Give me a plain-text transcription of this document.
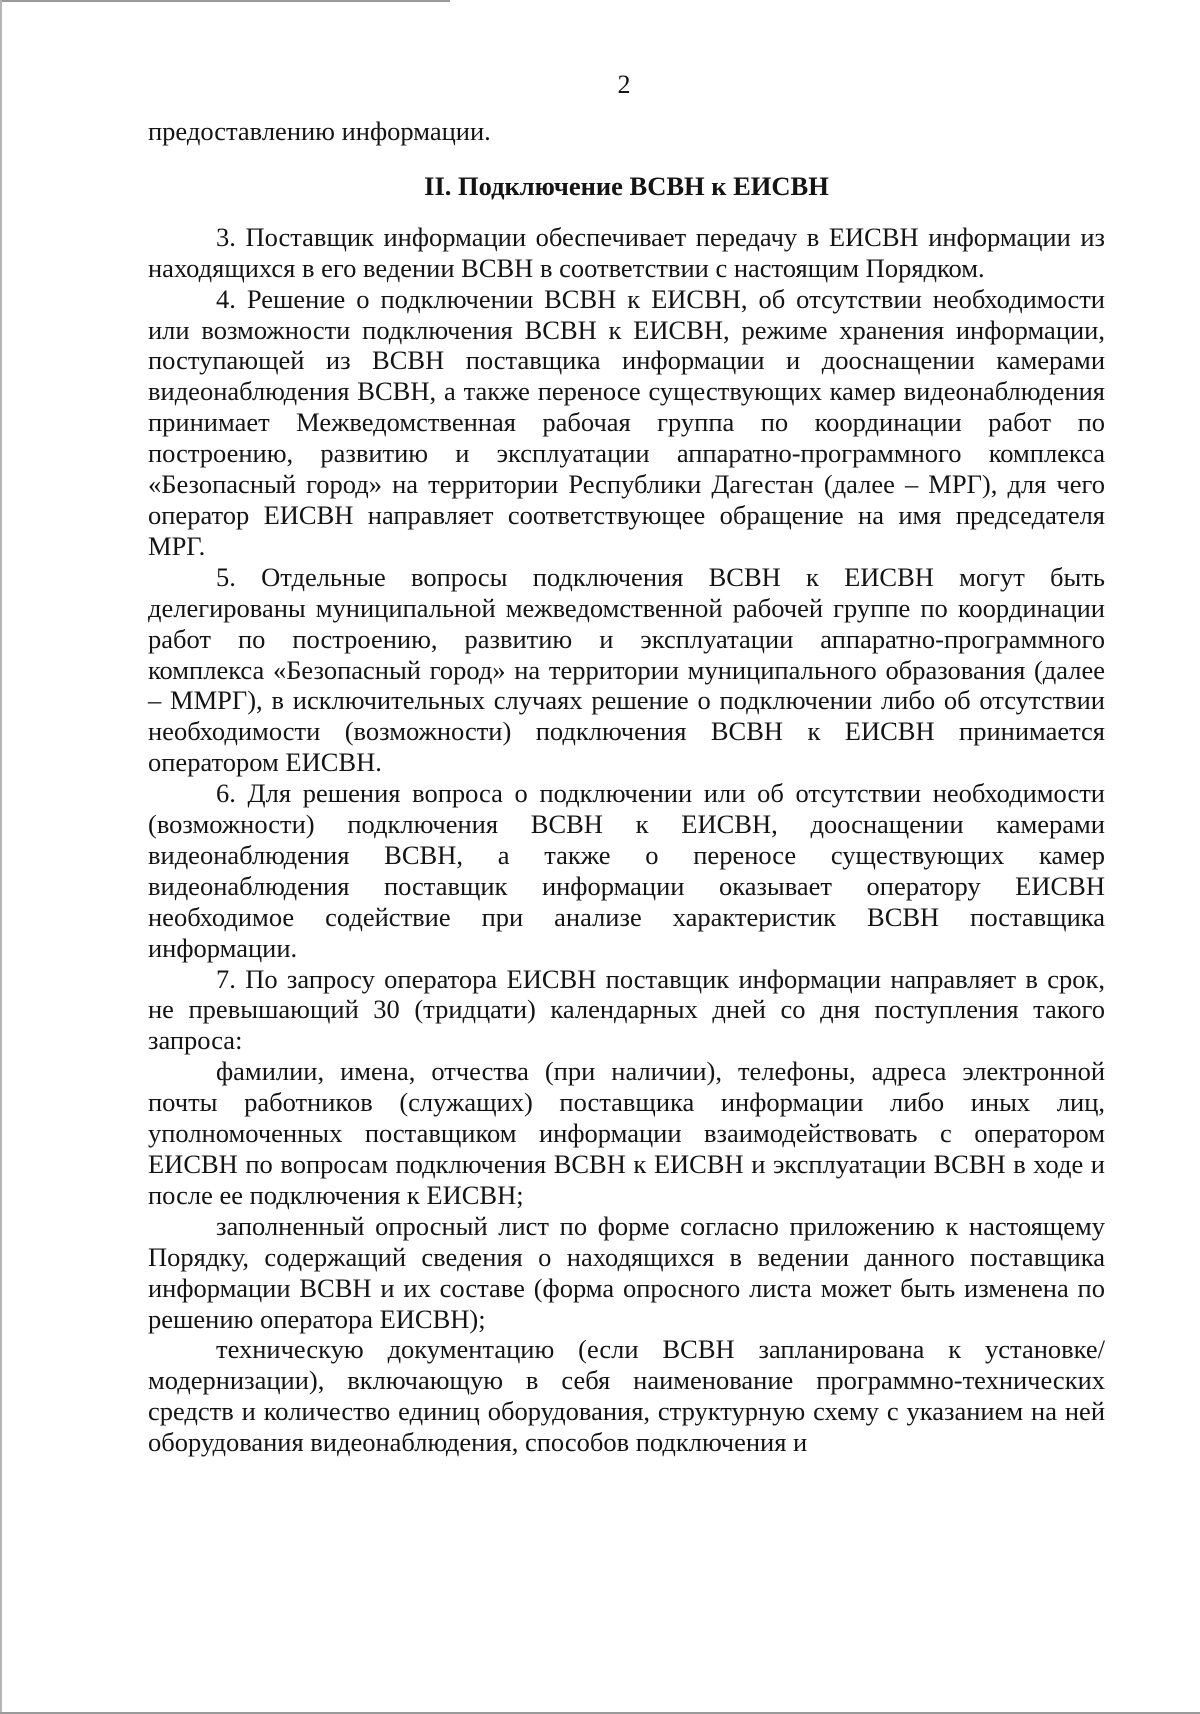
2

предоставлению информации.

II. Подключение ВСВН к ЕИСВН

3. Поставщик информации обеспечивает передачу в ЕИСВН информации из находящихся в его ведении ВСВН в соответствии с настоящим Порядком.

4. Решение о подключении ВСВН к ЕИСВН, об отсутствии необходимости или возможности подключения ВСВН к ЕИСВН, режиме хранения информации, поступающей из ВСВН поставщика информации и дооснащении камерами видеонаблюдения ВСВН, а также переносе существующих камер видеонаблюдения принимает Межведомственная рабочая группа по координации работ по построению, развитию и эксплуатации аппаратно-программного комплекса «Безопасный город» на территории Республики Дагестан (далее – МРГ), для чего оператор ЕИСВН направляет соответствующее обращение на имя председателя МРГ.

5. Отдельные вопросы подключения ВСВН к ЕИСВН могут быть делегированы муниципальной межведомственной рабочей группе по координации работ по построению, развитию и эксплуатации аппаратно-программного комплекса «Безопасный город» на территории муниципального образования (далее – ММРГ), в исключительных случаях решение о подключении либо об отсутствии необходимости (возможности) подключения ВСВН к ЕИСВН принимается оператором ЕИСВН.

6. Для решения вопроса о подключении или об отсутствии необходимости (возможности) подключения ВСВН к ЕИСВН, дооснащении камерами видеонаблюдения ВСВН, а также о переносе существующих камер видеонаблюдения поставщик информации оказывает оператору ЕИСВН необходимое содействие при анализе характеристик ВСВН поставщика информации.

7. По запросу оператора ЕИСВН поставщик информации направляет в срок, не превышающий 30 (тридцати) календарных дней со дня поступления такого запроса:

фамилии, имена, отчества (при наличии), телефоны, адреса электронной почты работников (служащих) поставщика информации либо иных лиц, уполномоченных поставщиком информации взаимодействовать с оператором ЕИСВН по вопросам подключения ВСВН к ЕИСВН и эксплуатации ВСВН в ходе и после ее подключения к ЕИСВН;

заполненный опросный лист по форме согласно приложению к настоящему Порядку, содержащий сведения о находящихся в ведении данного поставщика информации ВСВН и их составе (форма опросного листа может быть изменена по решению оператора ЕИСВН);

техническую документацию (если ВСВН запланирована к установке/модернизации), включающую в себя наименование программно-технических средств и количество единиц оборудования, структурную схему с указанием на ней оборудования видеонаблюдения, способов подключения и
